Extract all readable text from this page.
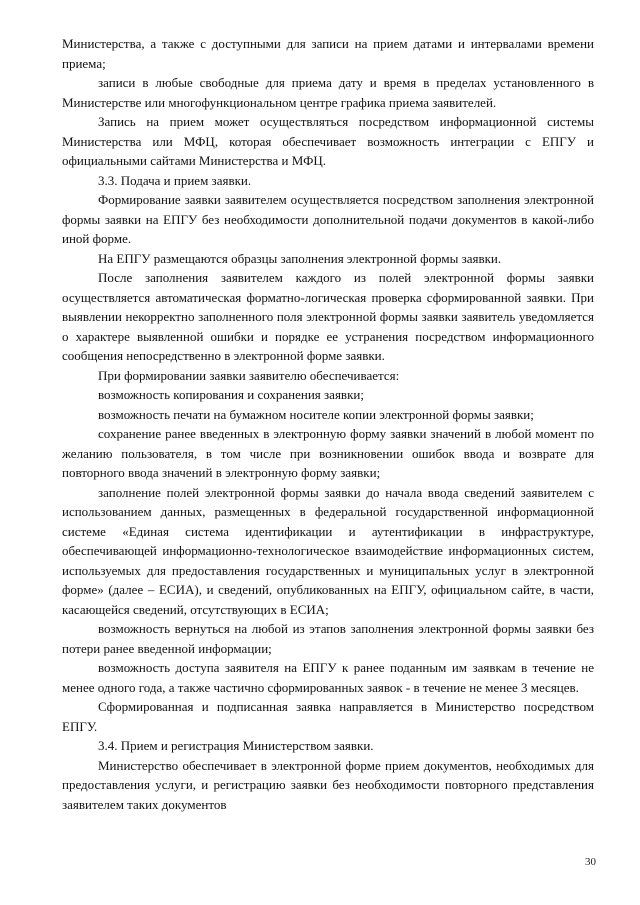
Министерства, а также с доступными для записи на прием датами и интервалами времени приема;

записи в любые свободные для приема дату и время в пределах установленного в Министерстве или многофункциональном центре графика приема заявителей.

Запись на прием может осуществляться посредством информационной системы Министерства или МФЦ, которая обеспечивает возможность интеграции с ЕПГУ и официальными сайтами Министерства и МФЦ.

3.3. Подача и прием заявки.

Формирование заявки заявителем осуществляется посредством заполнения электронной формы заявки на ЕПГУ без необходимости дополнительной подачи документов в какой-либо иной форме.

На ЕПГУ размещаются образцы заполнения электронной формы заявки.

После заполнения заявителем каждого из полей электронной формы заявки осуществляется автоматическая форматно-логическая проверка сформированной заявки. При выявлении некорректно заполненного поля электронной формы заявки заявитель уведомляется о характере выявленной ошибки и порядке ее устранения посредством информационного сообщения непосредственно в электронной форме заявки.

При формировании заявки заявителю обеспечивается:

возможность копирования и сохранения заявки;

возможность печати на бумажном носителе копии электронной формы заявки;

сохранение ранее введенных в электронную форму заявки значений в любой момент по желанию пользователя, в том числе при возникновении ошибок ввода и возврате для повторного ввода значений в электронную форму заявки;

заполнение полей электронной формы заявки до начала ввода сведений заявителем с использованием данных, размещенных в федеральной государственной информационной системе «Единая система идентификации и аутентификации в инфраструктуре, обеспечивающей информационно-технологическое взаимодействие информационных систем, используемых для предоставления государственных и муниципальных услуг в электронной форме» (далее – ЕСИА), и сведений, опубликованных на ЕПГУ, официальном сайте, в части, касающейся сведений, отсутствующих в ЕСИА;

возможность вернуться на любой из этапов заполнения электронной формы заявки без потери ранее введенной информации;

возможность доступа заявителя на ЕПГУ к ранее поданным им заявкам в течение не менее одного года, а также частично сформированных заявок - в течение не менее 3 месяцев.

Сформированная и подписанная заявка направляется в Министерство посредством ЕПГУ.

3.4. Прием и регистрация Министерством заявки.

Министерство обеспечивает в электронной форме прием документов, необходимых для предоставления услуги, и регистрацию заявки без необходимости повторного представления заявителем таких документов

30
